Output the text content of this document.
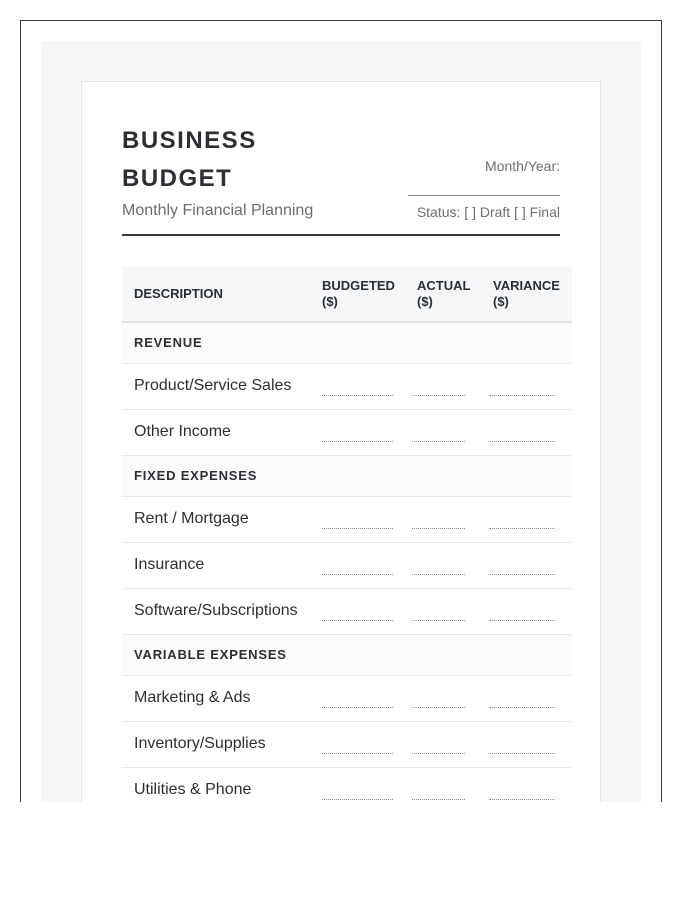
BUSINESS BUDGET
Monthly Financial Planning
Month/Year:
Status: [ ] Draft [ ] Final
DESCRIPTION	BUDGETED ($)	ACTUAL ($)	VARIANCE ($)
REVENUE			
Product/Service Sales	

Other Income	

FIXED EXPENSES			
Rent / Mortgage	

Insurance	

Software/Subscriptions	

VARIABLE EXPENSES			
Marketing & Ads	

Inventory/Supplies	

Utilities & Phone	
